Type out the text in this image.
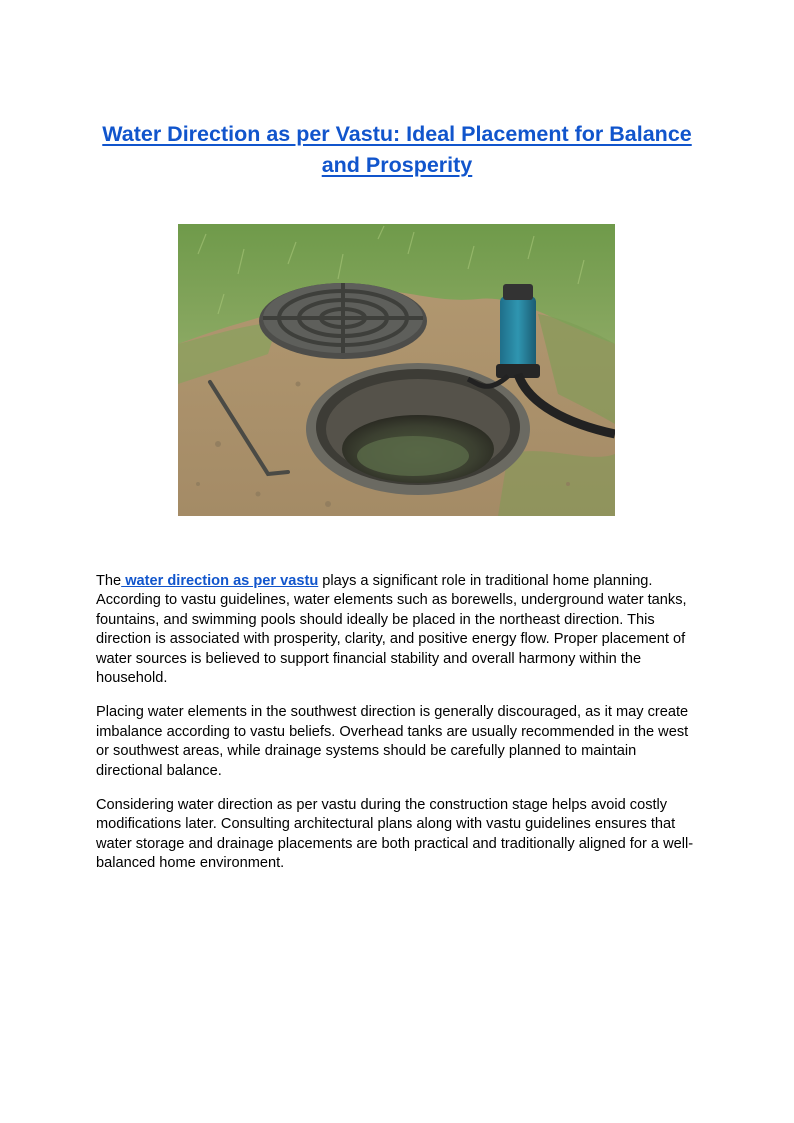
Water Direction as per Vastu: Ideal Placement for Balance and Prosperity

The water direction as per vastu plays a significant role in traditional home planning. According to vastu guidelines, water elements such as borewells, underground water tanks, fountains, and swimming pools should ideally be placed in the northeast direction. This direction is associated with prosperity, clarity, and positive energy flow. Proper placement of water sources is believed to support financial stability and overall harmony within the household.

Placing water elements in the southwest direction is generally discouraged, as it may create imbalance according to vastu beliefs. Overhead tanks are usually recommended in the west or southwest areas, while drainage systems should be carefully planned to maintain directional balance.

Considering water direction as per vastu during the construction stage helps avoid costly modifications later. Consulting architectural plans along with vastu guidelines ensures that water storage and drainage placements are both practical and traditionally aligned for a well-balanced home environment.
